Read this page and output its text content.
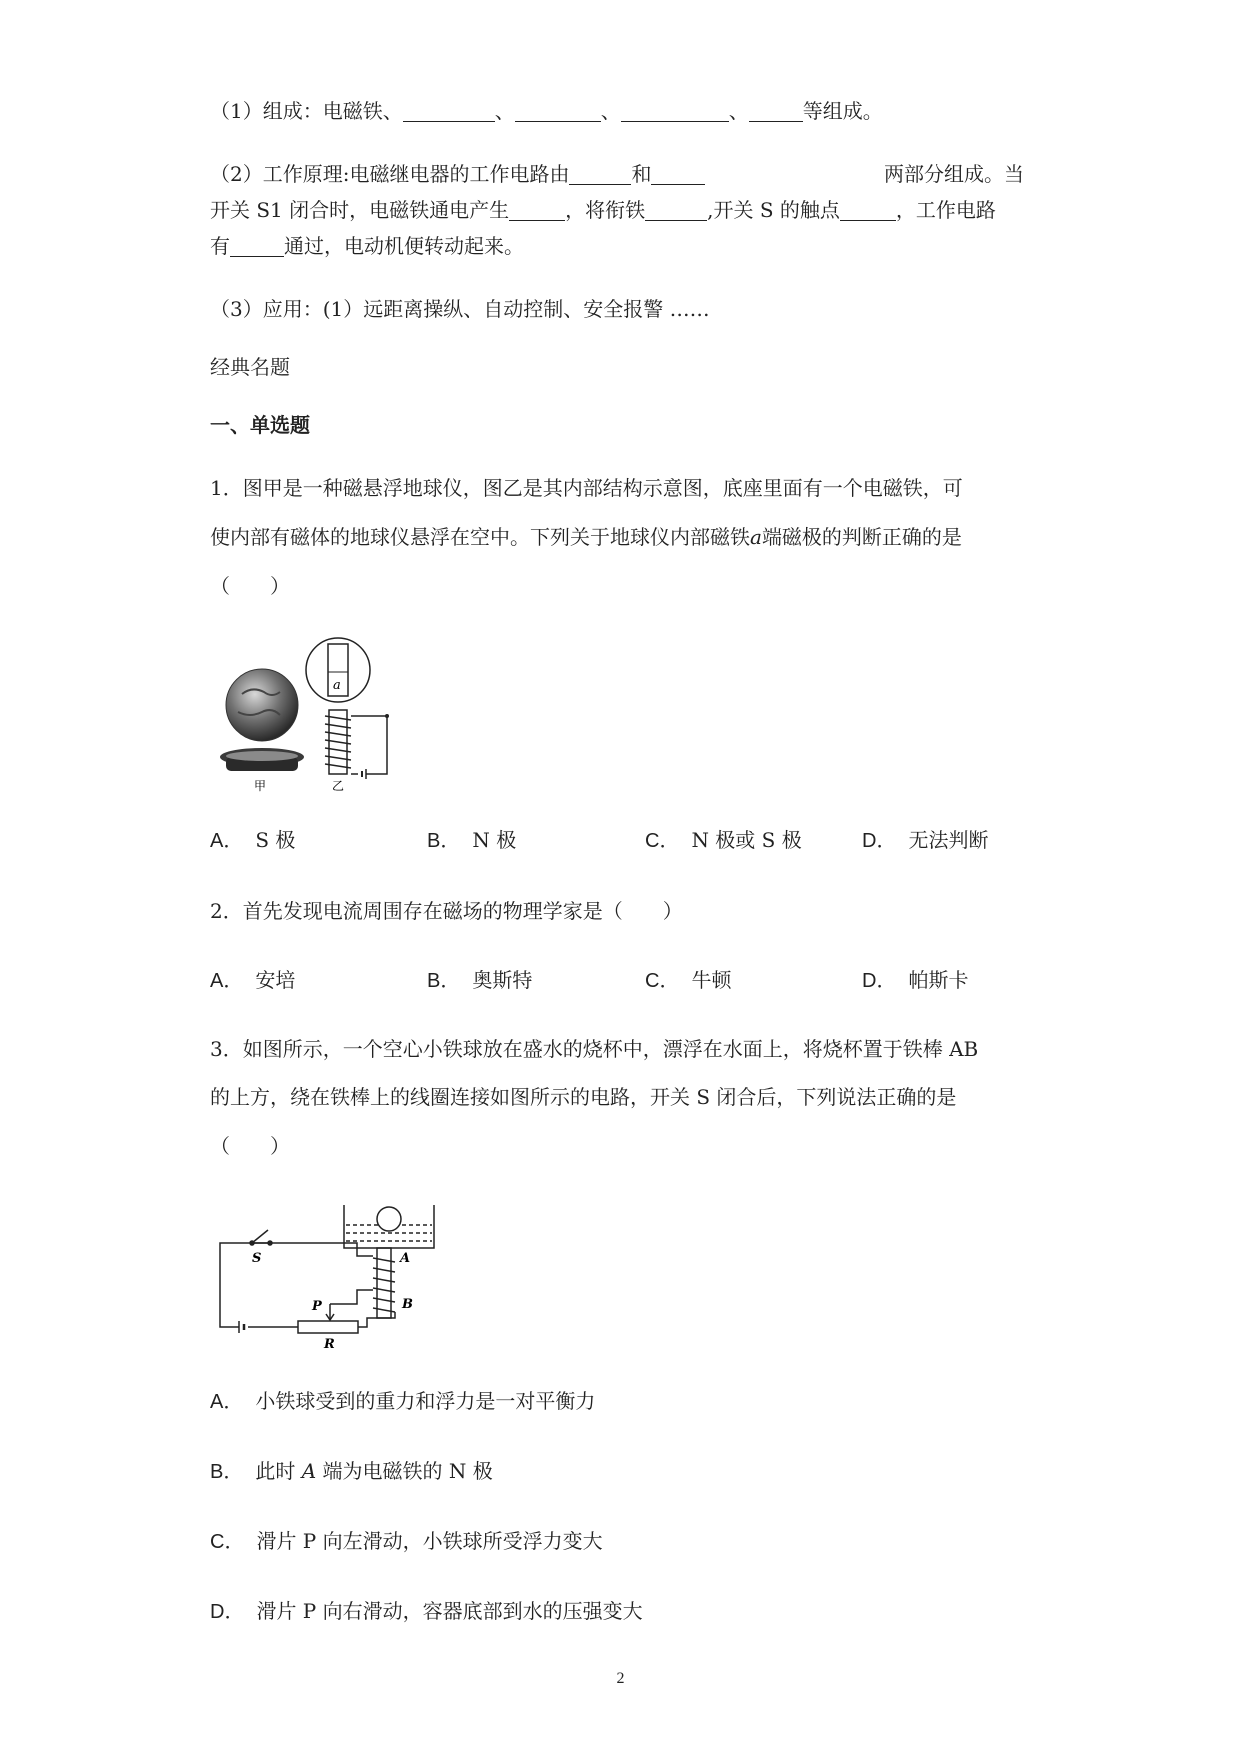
（1）组成：电磁铁、	、	、	、	等组成。
（2）工作原理:电磁继电器的工作电路由	和	两部分组成。当
开关 S1 闭合时，电磁铁通电产生	，将衔铁	,开关 S 的触点	，工作电路
有	通过，电动机便转动起来。
（3）应用：(1）远距离操纵、自动控制、安全报警 ……
经典名题
一、单选题
1．图甲是一种磁悬浮地球仪，图乙是其内部结构示意图，底座里面有一个电磁铁，可
使内部有磁体的地球仪悬浮在空中。下列关于地球仪内部磁铁a端磁极的判断正确的是
（　　）
甲	乙
a
A． S 极	B． N 极	C． N 极或 S 极	D． 无法判断
2．首先发现电流周围存在磁场的物理学家是（　　）
A． 安培	B． 奥斯特	C． 牛顿	D． 帕斯卡
3．如图所示，一个空心小铁球放在盛水的烧杯中，漂浮在水面上，将烧杯置于铁棒 AB
的上方，绕在铁棒上的线圈连接如图所示的电路，开关 S 闭合后，下列说法正确的是
（　　）
S	A
B
P
R
A． 小铁球受到的重力和浮力是一对平衡力
B． 此时 A 端为电磁铁的 N 极
C． 滑片 P 向左滑动，小铁球所受浮力变大
D． 滑片 P 向右滑动，容器底部到水的压强变大
2
